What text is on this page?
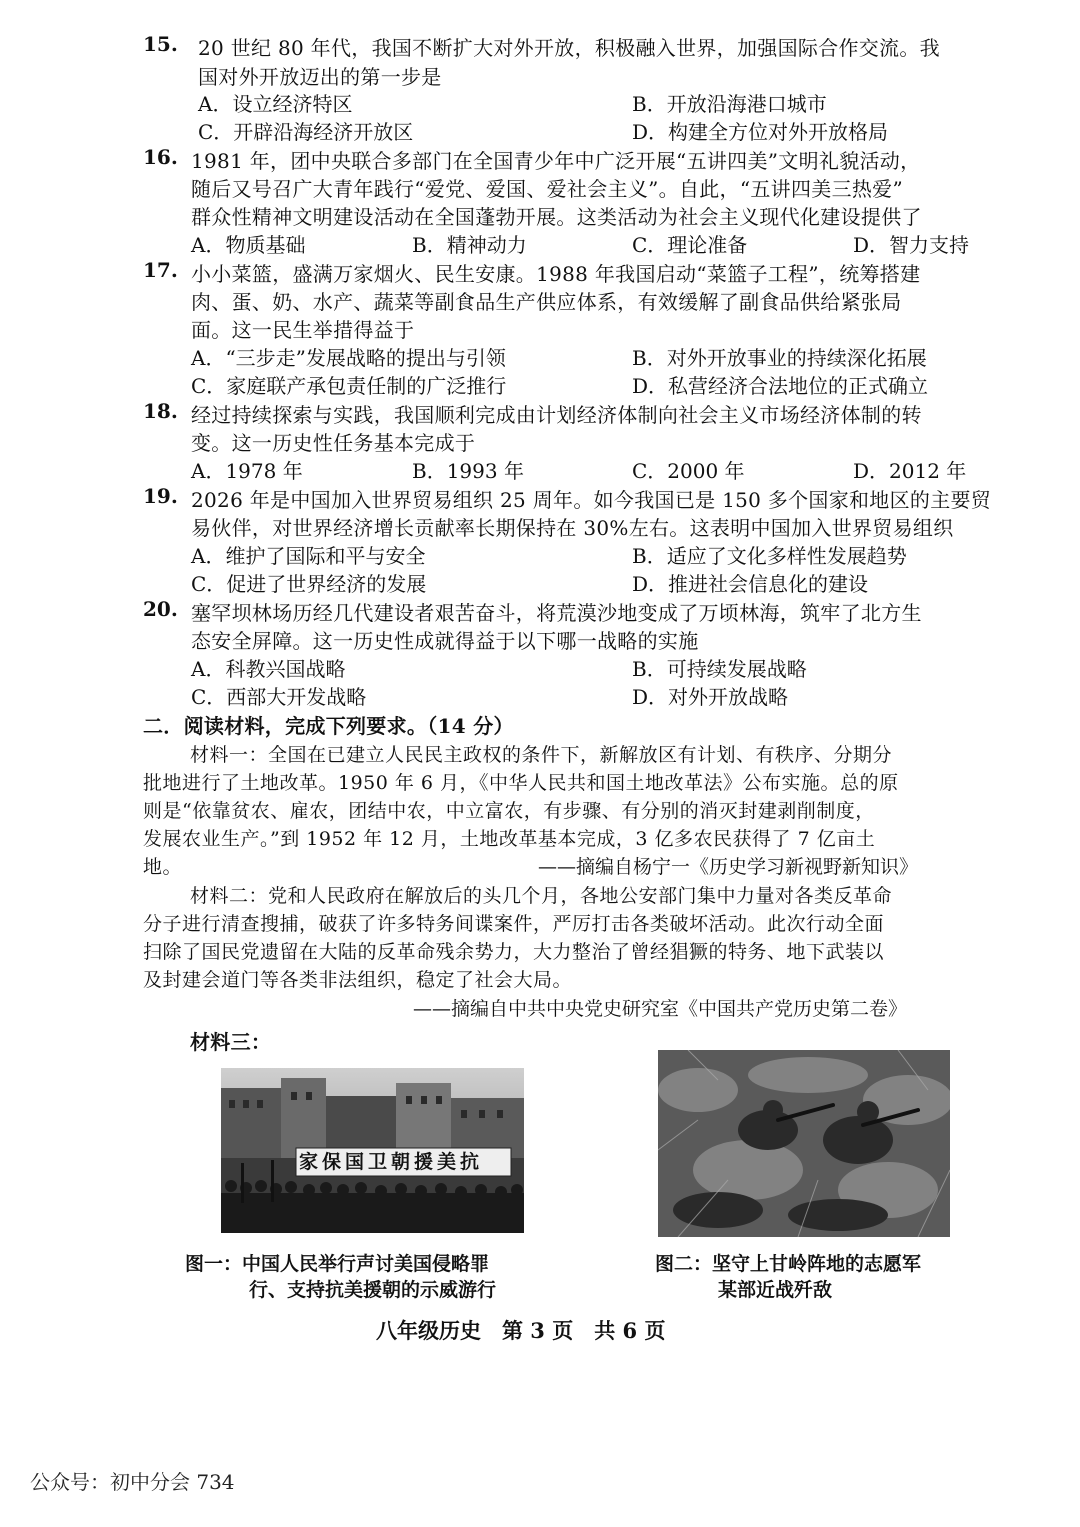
15. 20 世纪 80 年代，我国不断扩大对外开放，积极融入世界，加强国际合作交流。我
国对外开放迈出的第一步是
A．设立经济特区	B．开放沿海港口城市
C．开辟沿海经济开放区	D．构建全方位对外开放格局
16. 1981 年，团中央联合多部门在全国青少年中广泛开展“五讲四美”文明礼貌活动，
随后又号召广大青年践行“爱党、爱国、爱社会主义”。自此，“五讲四美三热爱”
群众性精神文明建设活动在全国蓬勃开展。这类活动为社会主义现代化建设提供了
A．物质基础	B．精神动力	C．理论准备	D．智力支持
17. 小小菜篮，盛满万家烟火、民生安康。1988 年我国启动“菜篮子工程”，统筹搭建
肉、蛋、奶、水产、蔬菜等副食品生产供应体系，有效缓解了副食品供给紧张局
面。这一民生举措得益于
A．“三步走”发展战略的提出与引领	B．对外开放事业的持续深化拓展
C．家庭联产承包责任制的广泛推行	D．私营经济合法地位的正式确立
18. 经过持续探索与实践，我国顺利完成由计划经济体制向社会主义市场经济体制的转
变。这一历史性任务基本完成于
A．1978 年	B．1993 年	C．2000 年	D．2012 年
19. 2026 年是中国加入世界贸易组织 25 周年。如今我国已是 150 多个国家和地区的主要贸
易伙伴，对世界经济增长贡献率长期保持在 30%左右。这表明中国加入世界贸易组织
A．维护了国际和平与安全	B．适应了文化多样性发展趋势
C．促进了世界经济的发展	D．推进社会信息化的建设
20. 塞罕坝林场历经几代建设者艰苦奋斗，将荒漠沙地变成了万顷林海，筑牢了北方生
态安全屏障。这一历史性成就得益于以下哪一战略的实施
A．科教兴国战略	B．可持续发展战略
C．西部大开发战略	D．对外开放战略
二．阅读材料，完成下列要求。（14 分）
材料一：全国在已建立人民民主政权的条件下，新解放区有计划、有秩序、分期分
批地进行了土地改革。1950 年 6 月，《中华人民共和国土地改革法》公布实施。总的原
则是“依靠贫农、雇农，团结中农，中立富农，有步骤、有分别的消灭封建剥削制度，
发展农业生产。”到 1952 年 12 月，土地改革基本完成，3 亿多农民获得了 7 亿亩土
地。	——摘编自杨宁一《历史学习新视野新知识》
材料二：党和人民政府在解放后的头几个月，各地公安部门集中力量对各类反革命
分子进行清查搜捕，破获了许多特务间谍案件，严厉打击各类破坏活动。此次行动全面
扫除了国民党遗留在大陆的反革命残余势力，大力整治了曾经猖獗的特务、地下武装以
及封建会道门等各类非法组织，稳定了社会大局。
——摘编自中共中央党史研究室《中国共产党历史第二卷》
材料三：
家保国卫朝援美抗
图一：中国人民举行声讨美国侵略罪
行、支持抗美援朝的示威游行
图二：坚守上甘岭阵地的志愿军
某部近战歼敌
八年级历史　第 3 页　共 6 页
公众号：初中分会 734
